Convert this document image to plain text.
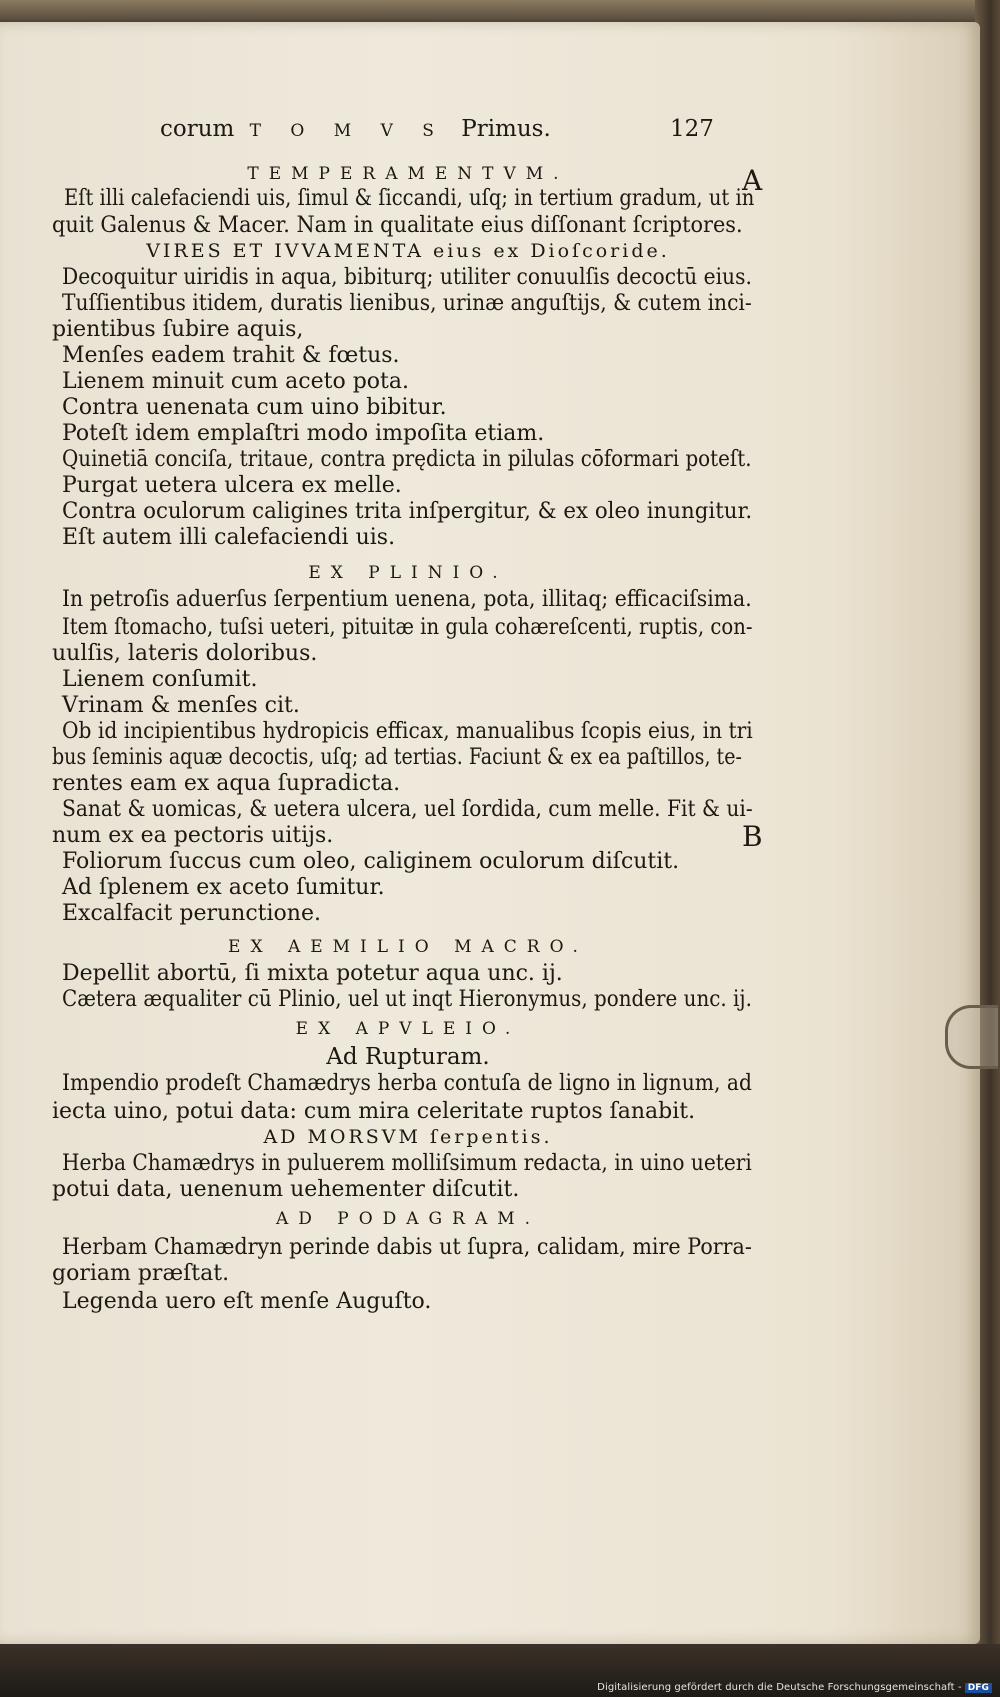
corum T O M V S Primus.	127
TEMPERAMENTVM.
Eſt illi calefaciendi uis, ſimul & ſiccandi, uſq; in tertium gradum, ut in
quit Galenus & Macer. Nam in qualitate eius diſſonant ſcriptores.
VIRES ET IVVAMENTA eius ex Dioſcoride.
Decoquitur uiridis in aqua, bibiturq; utiliter conuulſis decoctū eius.
Tuſſientibus itidem, duratis lienibus, urinæ anguſtijs, & cutem inci-
pientibus ſubire aquis,
Menſes eadem trahit & fœtus.
Lienem minuit cum aceto pota.
Contra uenenata cum uino bibitur.
Poteſt idem emplaſtri modo impoſita etiam.
Quinetiā conciſa, tritaue, contra prędicta in pilulas cōformari poteſt.
Purgat uetera ulcera ex melle.
Contra oculorum caligines trita inſpergitur, & ex oleo inungitur.
Eſt autem illi calefaciendi uis.
EX PLINIO.
In petroſis aduerſus ſerpentium uenena, pota, illitaq; efficaciſsima.
Item ſtomacho, tuſsi ueteri, pituitæ in gula cohæreſcenti, ruptis, con-
uulſis, lateris doloribus.
Lienem conſumit.
Vrinam & menſes cit.
Ob id incipientibus hydropicis efficax, manualibus ſcopis eius, in tri
bus ſeminis aquæ decoctis, uſq; ad tertias. Faciunt & ex ea paſtillos, te-
rentes eam ex aqua ſupradicta.
Sanat & uomicas, & uetera ulcera, uel ſordida, cum melle. Fit & ui-
num ex ea pectoris uitijs.
Foliorum ſuccus cum oleo, caliginem oculorum diſcutit.
Ad ſplenem ex aceto ſumitur.
Excalfacit perunctione.
EX AEMILIO MACRO.
Depellit abortū, ſi mixta potetur aqua unc. ij.
Cætera æqualiter cū Plinio, uel ut inqt Hieronymus, pondere unc. ij.
EX APVLEIO.
Ad Rupturam.
Impendio prodeſt Chamædrys herba contuſa de ligno in lignum, ad
iecta uino, potui data: cum mira celeritate ruptos ſanabit.
AD MORSVM ſerpentis.
Herba Chamædrys in puluerem molliſsimum redacta, in uino ueteri
potui data, uenenum uehementer diſcutit.
AD PODAGRAM.
Herbam Chamædryn perinde dabis ut ſupra, calidam, mire Porra-
goriam præſtat.
Legenda uero eſt menſe Auguſto.
A
B
Digitalisierung gefördert durch die Deutsche Forschungsgemeinschaft - DFG
